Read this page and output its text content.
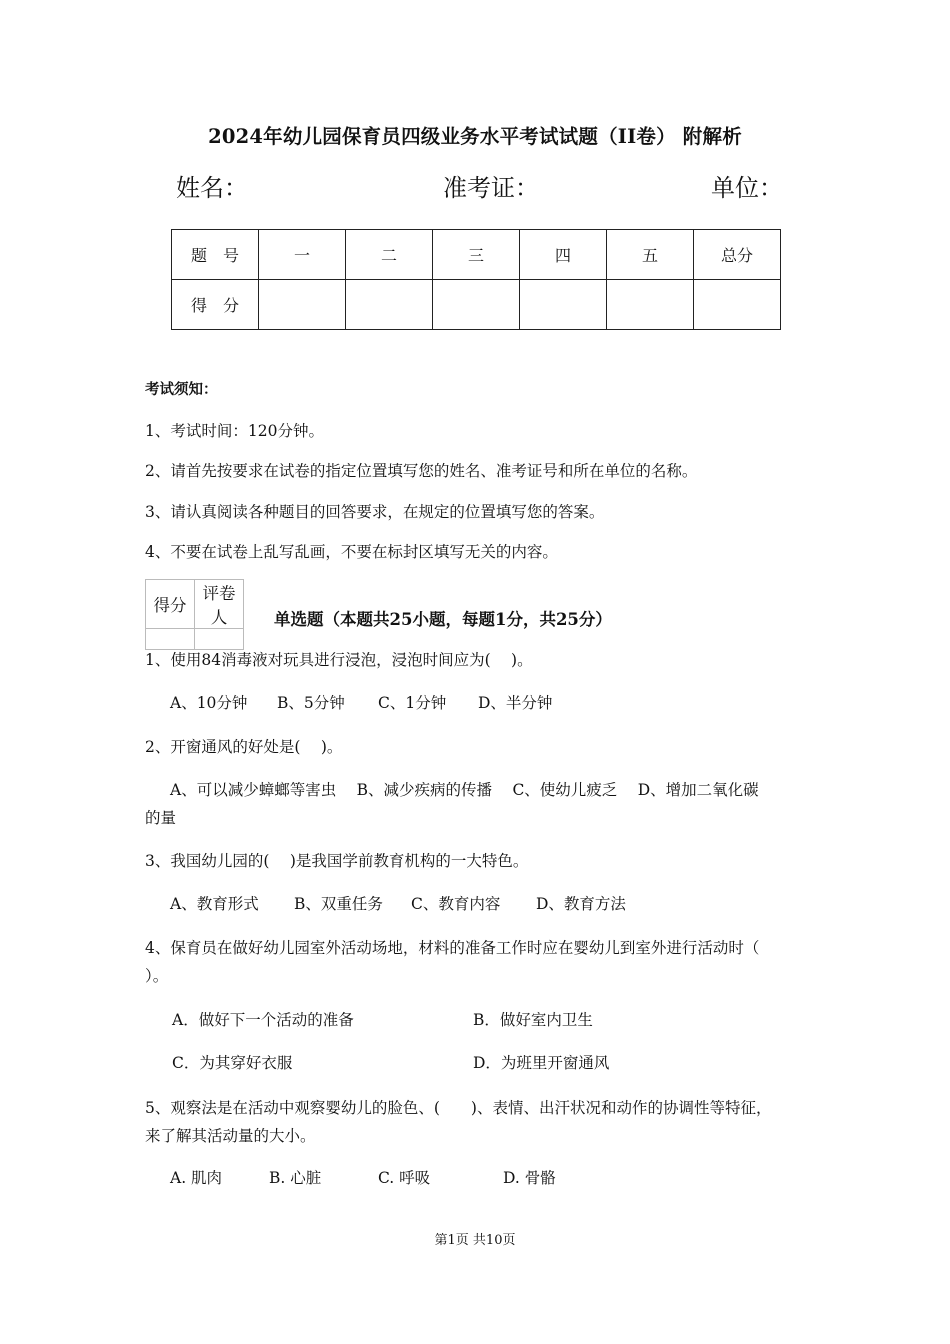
2024年幼儿园保育员四级业务水平考试试题（II卷） 附解析
姓名：	准考证：	单位：
题　号	一	二	三	四	五	总分
得　分						
考试须知：
1、考试时间：120分钟。
2、请首先按要求在试卷的指定位置填写您的姓名、准考证号和所在单位的名称。
3、请认真阅读各种题目的回答要求，在规定的位置填写您的答案。
4、不要在试卷上乱写乱画，不要在标封区填写无关的内容。
得分	评卷人
		单选题（本题共25小题，每题1分，共25分）
1、使用84消毒液对玩具进行浸泡，浸泡时间应为(　 )。
A、10分钟 B、5分钟 C、1分钟 D、半分钟
2、开窗通风的好处是(　 )。
A、可以减少蟑螂等害虫　 B、减少疾病的传播　 C、使幼儿疲乏　 D、增加二氧化碳
的量
3、我国幼儿园的(　 )是我国学前教育机构的一大特色。
A、教育形式 B、双重任务 C、教育内容 D、教育方法
4、保育员在做好幼儿园室外活动场地，材料的准备工作时应在婴幼儿到室外进行活动时（
）。
A．做好下一个活动的准备	B．做好室内卫生
C．为其穿好衣服	D．为班里开窗通风
5、观察法是在活动中观察婴幼儿的脸色、(　　)、表情、出汗状况和动作的协调性等特征，
来了解其活动量的大小。
A. 肌肉	B. 心脏	C. 呼吸	D. 骨骼
第1页 共10页
